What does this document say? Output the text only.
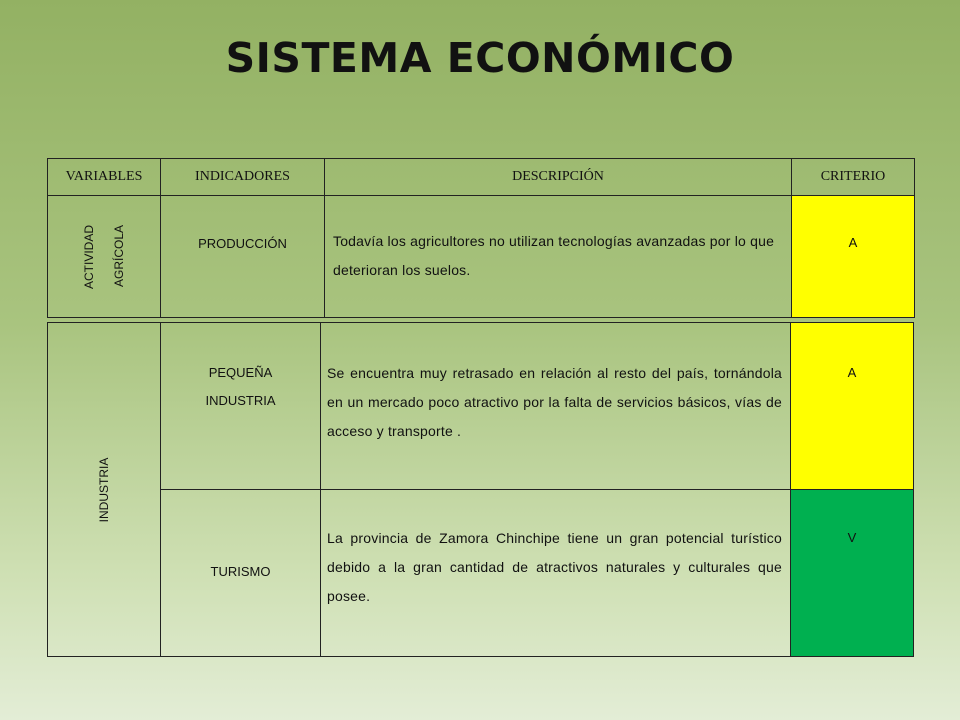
SISTEMA ECONÓMICO
VARIABLES	INDICADORES	DESCRIPCIÓN	CRITERIO

ACTIVIDAD AGRÍCOLA	PRODUCCIÓN	Todavía los agricultores no utilizan tecnologías avanzadas por lo que deterioran los suelos.	A
INDUSTRIA	PEQUEÑA INDUSTRIA	Se encuentra muy retrasado en relación al resto del país, tornándola en un mercado poco atractivo por la falta de servicios básicos, vías de acceso y transporte .	A

	TURISMO	La provincia de Zamora Chinchipe tiene un gran potencial turístico debido a la gran cantidad de atractivos naturales y culturales que posee.	V
